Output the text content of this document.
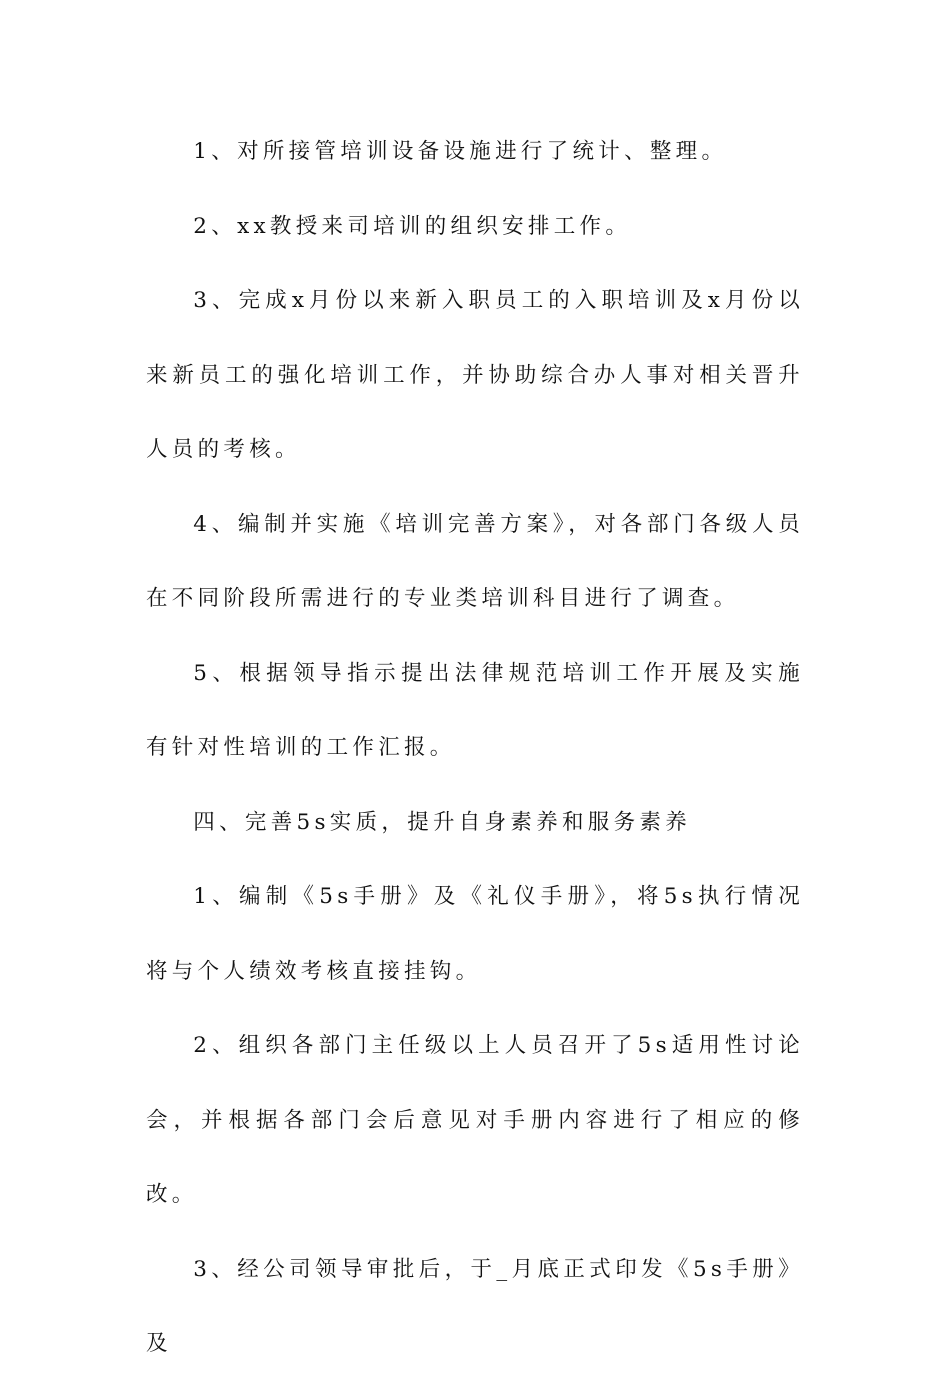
1、对所接管培训设备设施进行了统计、整理。

2、xx教授来司培训的组织安排工作。

3、完成x月份以来新入职员工的入职培训及x月份以来新员工的强化培训工作，并协助综合办人事对相关晋升人员的考核。

4、编制并实施《培训完善方案》，对各部门各级人员在不同阶段所需进行的专业类培训科目进行了调查。

5、根据领导指示提出法律规范培训工作开展及实施有针对性培训的工作汇报。

四、完善5s实质，提升自身素养和服务素养

1、编制《5s手册》及《礼仪手册》，将5s执行情况将与个人绩效考核直接挂钩。

2、组织各部门主任级以上人员召开了5s适用性讨论会，并根据各部门会后意见对手册内容进行了相应的修改。

3、经公司领导审批后，于_月底正式印发《5s手册》及
